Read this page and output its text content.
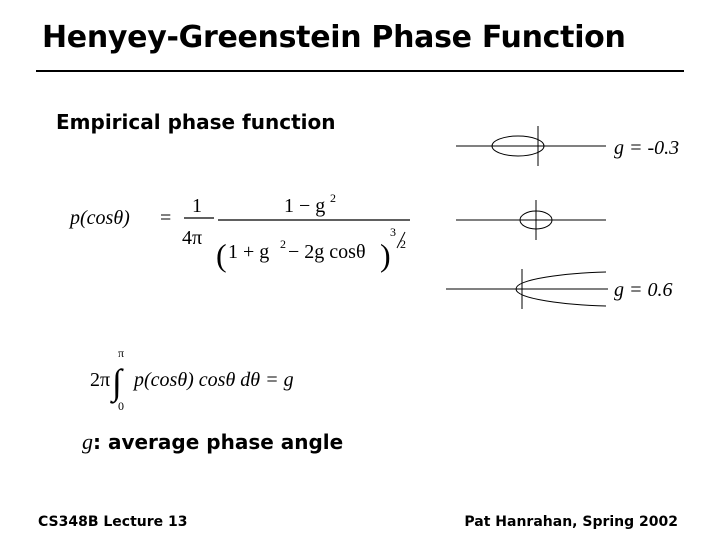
Henyey-Greenstein Phase Function
Empirical phase function
p(cosθ) =
1
4π
1 − g 2
( 1 + g 2 − 2g cosθ )
3
2
π
2π ∫
0
p(cosθ) cosθ dθ = g
g = -0.3
g = 0.6
g: average phase angle
CS348B Lecture 13	Pat Hanrahan, Spring 2002
